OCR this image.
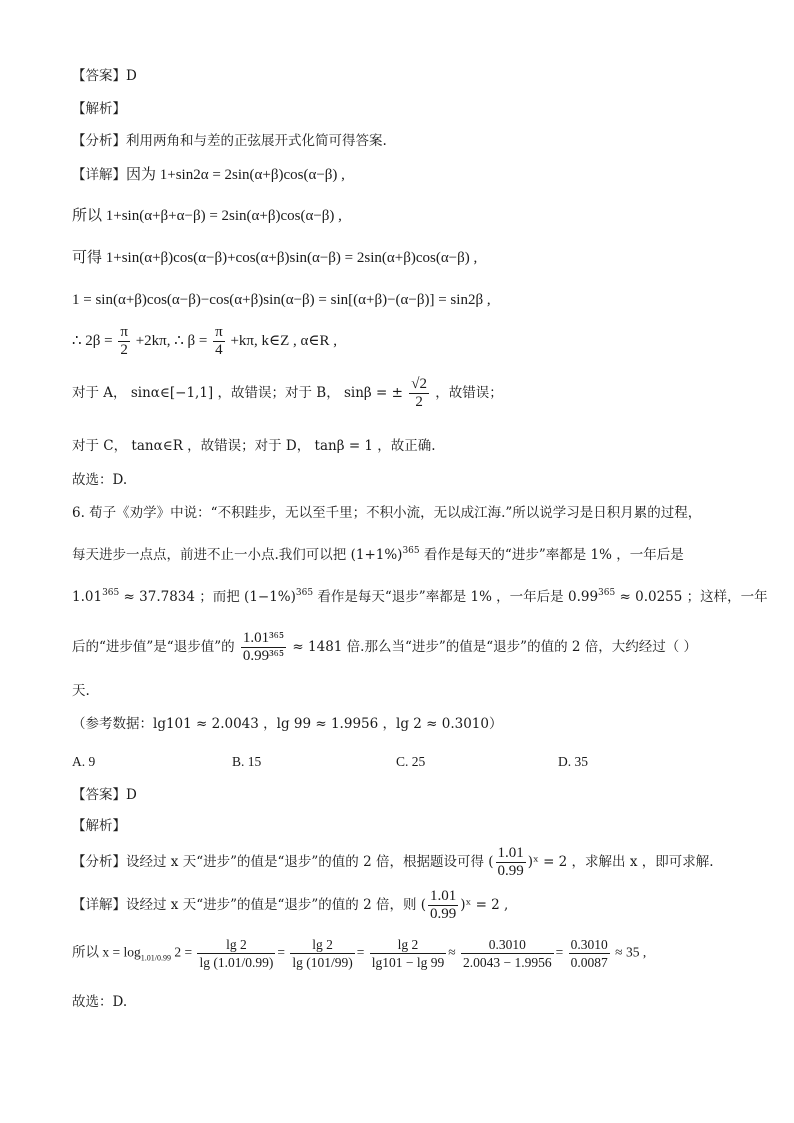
【答案】D
【解析】
【分析】利用两角和与差的正弦展开式化简可得答案.
【详解】因为 1+sin2α = 2sin(α+β)cos(α−β) ,
所以 1+sin(α+β+α−β) = 2sin(α+β)cos(α−β) ,
可得 1+sin(α+β)cos(α−β)+cos(α+β)sin(α−β) = 2sin(α+β)cos(α−β) ,
1 = sin(α+β)cos(α−β)−cos(α+β)sin(α−β) = sin[(α+β)−(α−β)] = sin2β ,
∴ $2\beta = \frac{\pi}{2} +2k\pi$, ∴ $\beta = \frac{\pi}{4} +k\pi$, k∈Z , α∈R ,
对于 A， sinα∈[−1,1] ，故错误；对于 B， sinβ = ± $\frac{√2}{2}$ ，故错误；
对于 C， tanα∈R ，故错误；对于 D， tanβ = 1 ，故正确.
故选：D.
6. 荀子《劝学》中说：“不积跬步，无以至千里；不积小流，无以成江海.”所以说学习是日积月累的过程，
每天进步一点点，前进不止一小点.我们可以把 $(1+1\%)^{365}$ 看作是每天的“进步”率都是 1% ，一年后是
$1.01^{365} \approx 37.7834$ ；而把 $(1-1\%)^{365}$ 看作是每天“退步”率都是 1% ，一年后是 $0.99^{365} \approx 0.0255$ ；这样，一年
后的“进步值”是“退步值”的 $\frac{\text{1.01³⁶⁵}}{\text{0.99³⁶⁵}} \approx 1481$ 倍.那么当“进步”的值是“退步”的值的 2 倍，大约经过（ ）
天.
（参考数据：lg101 ≈ 2.0043 ，lg 99 ≈ 1.9956 ，lg 2 ≈ 0.3010）
A. 9	B. 15	C. 25	D. 35
【答案】D
【解析】
【分析】设经过 x 天“进步”的值是“退步”的值的 2 倍，根据题设可得 ( $\frac{1.01}{0.99}$ )ˣ = 2 ，求解出 x ，即可求解.
【详解】设经过 x 天“进步”的值是“退步”的值的 2 倍，则 ( $\frac{1.01}{0.99}$ )ˣ = 2 ,
所以 $x = \log_{1.01/0.99} 2 = \frac{\lg 2}{\lg (1.01/0.99)} = \frac{\lg 2}{\lg (101/99)} = \frac{\lg 2}{\lg 101 - \lg 99} \approx \frac{0.3010}{2.0043 - 1.9956} = \frac{0.3010}{0.0087} \approx 35$ ,
故选：D.
